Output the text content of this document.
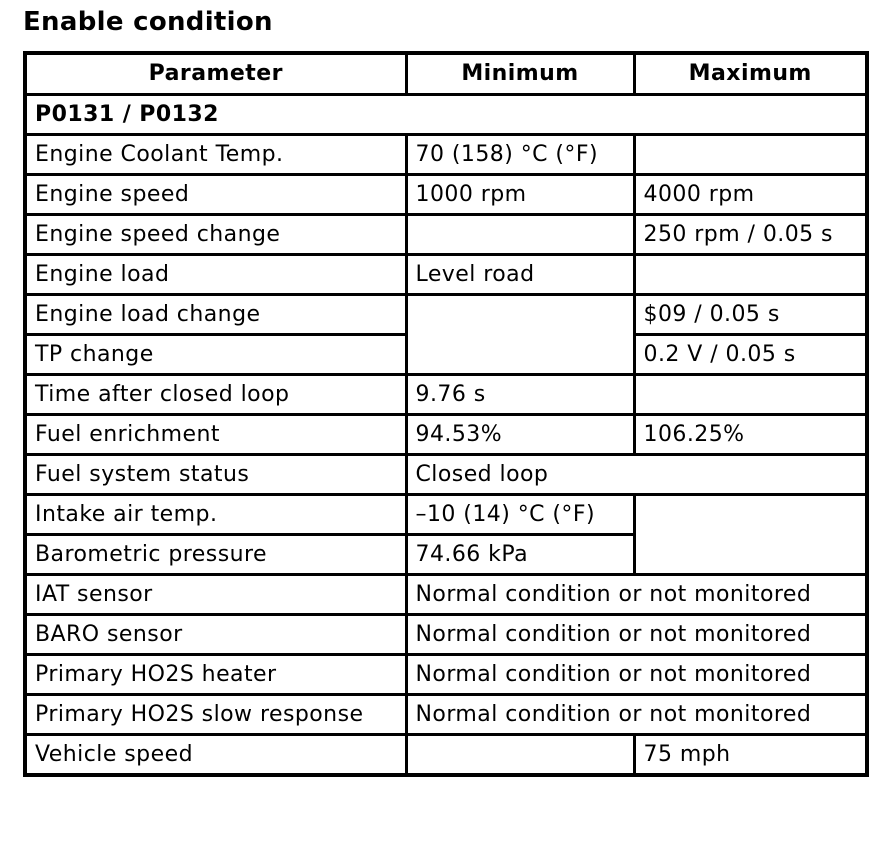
Enable condition
Parameter	Minimum	Maximum
P0131 / P0132		
Engine Coolant Temp.	70 (158) °C (°F)	
Engine speed	1000 rpm	4000 rpm
Engine speed change		250 rpm / 0.05 s
Engine load	Level road	
Engine load change		$09 / 0.05 s
TP change		0.2 V / 0.05 s
Time after closed loop	9.76 s	
Fuel enrichment	94.53%	106.25%
Fuel system status	Closed loop	
Intake air temp.	–10 (14) °C (°F)	
Barometric pressure	74.66 kPa	
IAT sensor	Normal condition or not monitored	
BARO sensor	Normal condition or not monitored	
Primary HO2S heater	Normal condition or not monitored	
Primary HO2S slow response	Normal condition or not monitored	
Vehicle speed		75 mph
